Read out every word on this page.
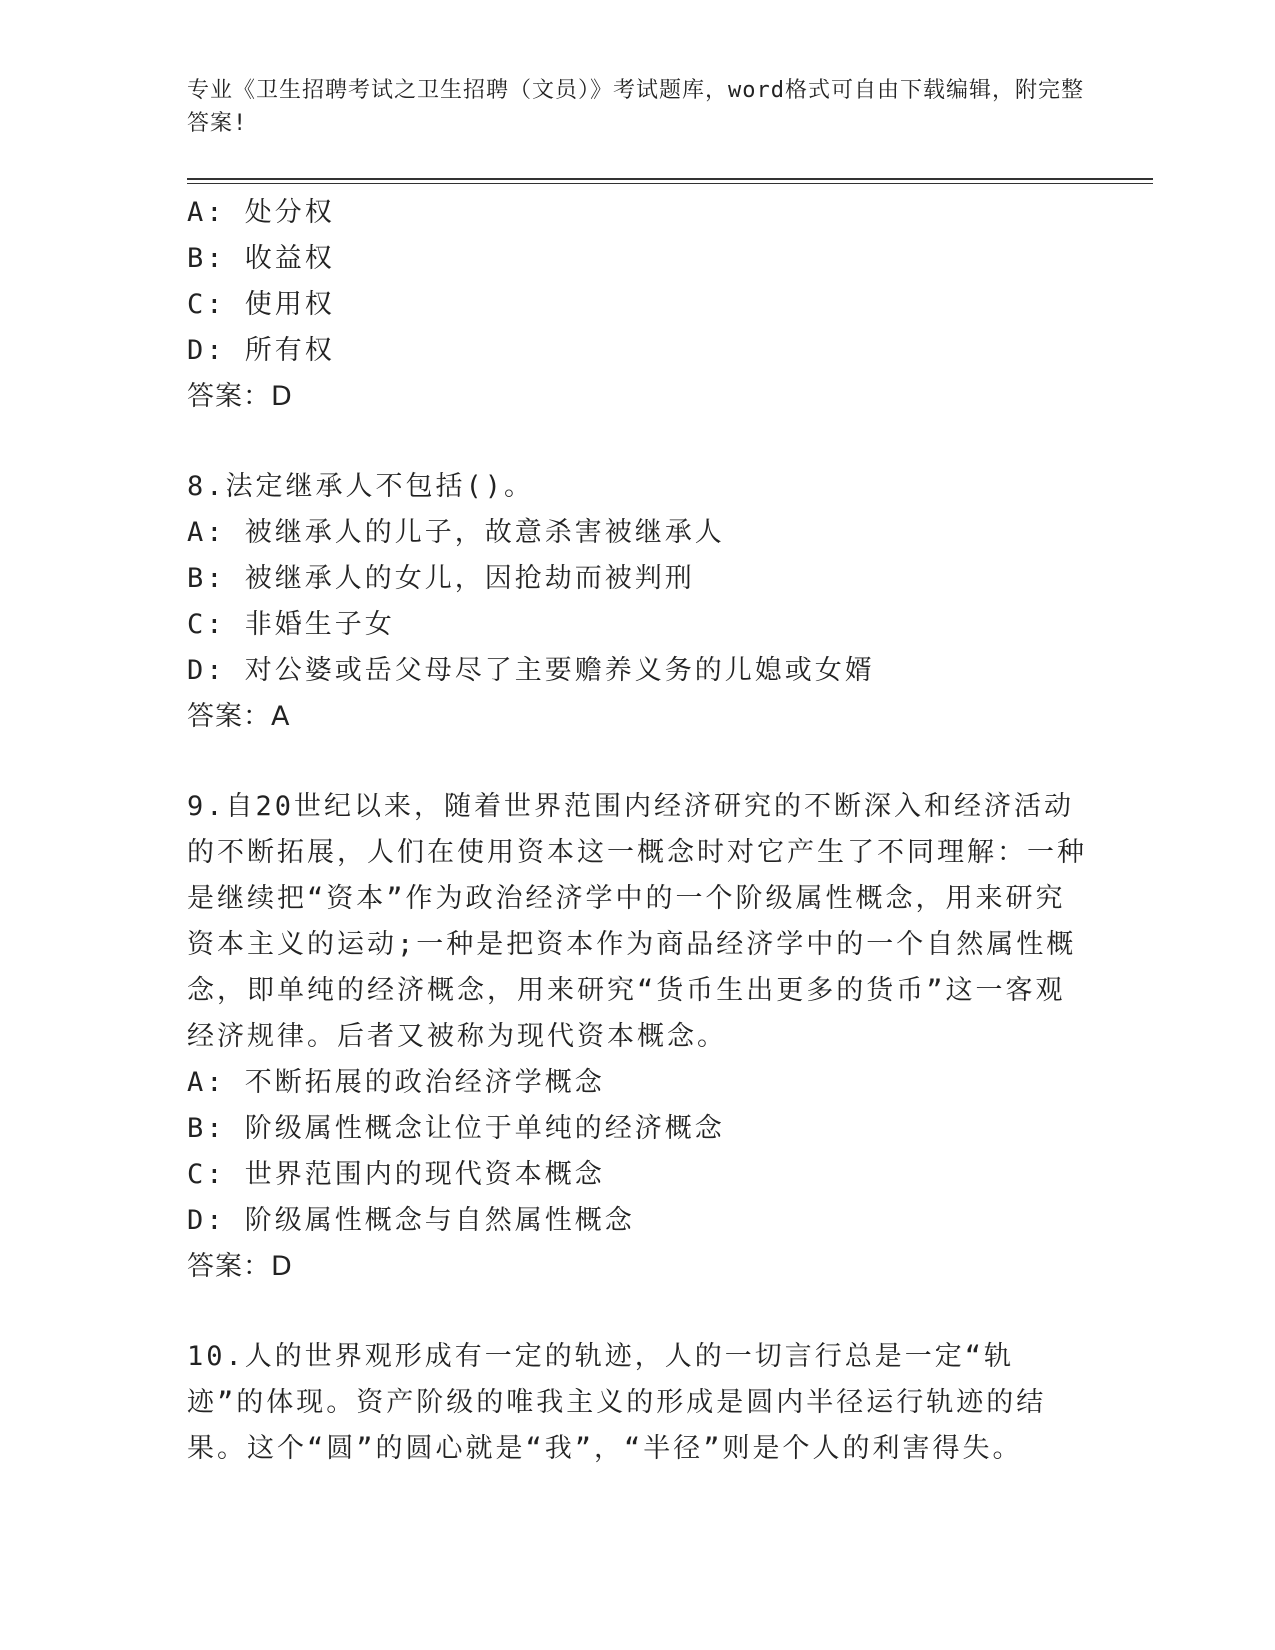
专业《卫生招聘考试之卫生招聘（文员）》考试题库，word格式可自由下载编辑，附完整答案!
A: 处分权
B: 收益权
C: 使用权
D: 所有权
答案：D
8.法定继承人不包括()。
A: 被继承人的儿子，故意杀害被继承人
B: 被继承人的女儿，因抢劫而被判刑
C: 非婚生子女
D: 对公婆或岳父母尽了主要赡养义务的儿媳或女婿
答案：A
9.自20世纪以来，随着世界范围内经济研究的不断深入和经济活动的不断拓展，人们在使用资本这一概念时对它产生了不同理解：一种是继续把“资本”作为政治经济学中的一个阶级属性概念，用来研究资本主义的运动;一种是把资本作为商品经济学中的一个自然属性概念，即单纯的经济概念，用来研究“货币生出更多的货币”这一客观经济规律。后者又被称为现代资本概念。
A: 不断拓展的政治经济学概念
B: 阶级属性概念让位于单纯的经济概念
C: 世界范围内的现代资本概念
D: 阶级属性概念与自然属性概念
答案：D
10.人的世界观形成有一定的轨迹，人的一切言行总是一定“轨迹”的体现。资产阶级的唯我主义的形成是圆内半径运行轨迹的结果。这个“圆”的圆心就是“我”，“半径”则是个人的利害得失。
